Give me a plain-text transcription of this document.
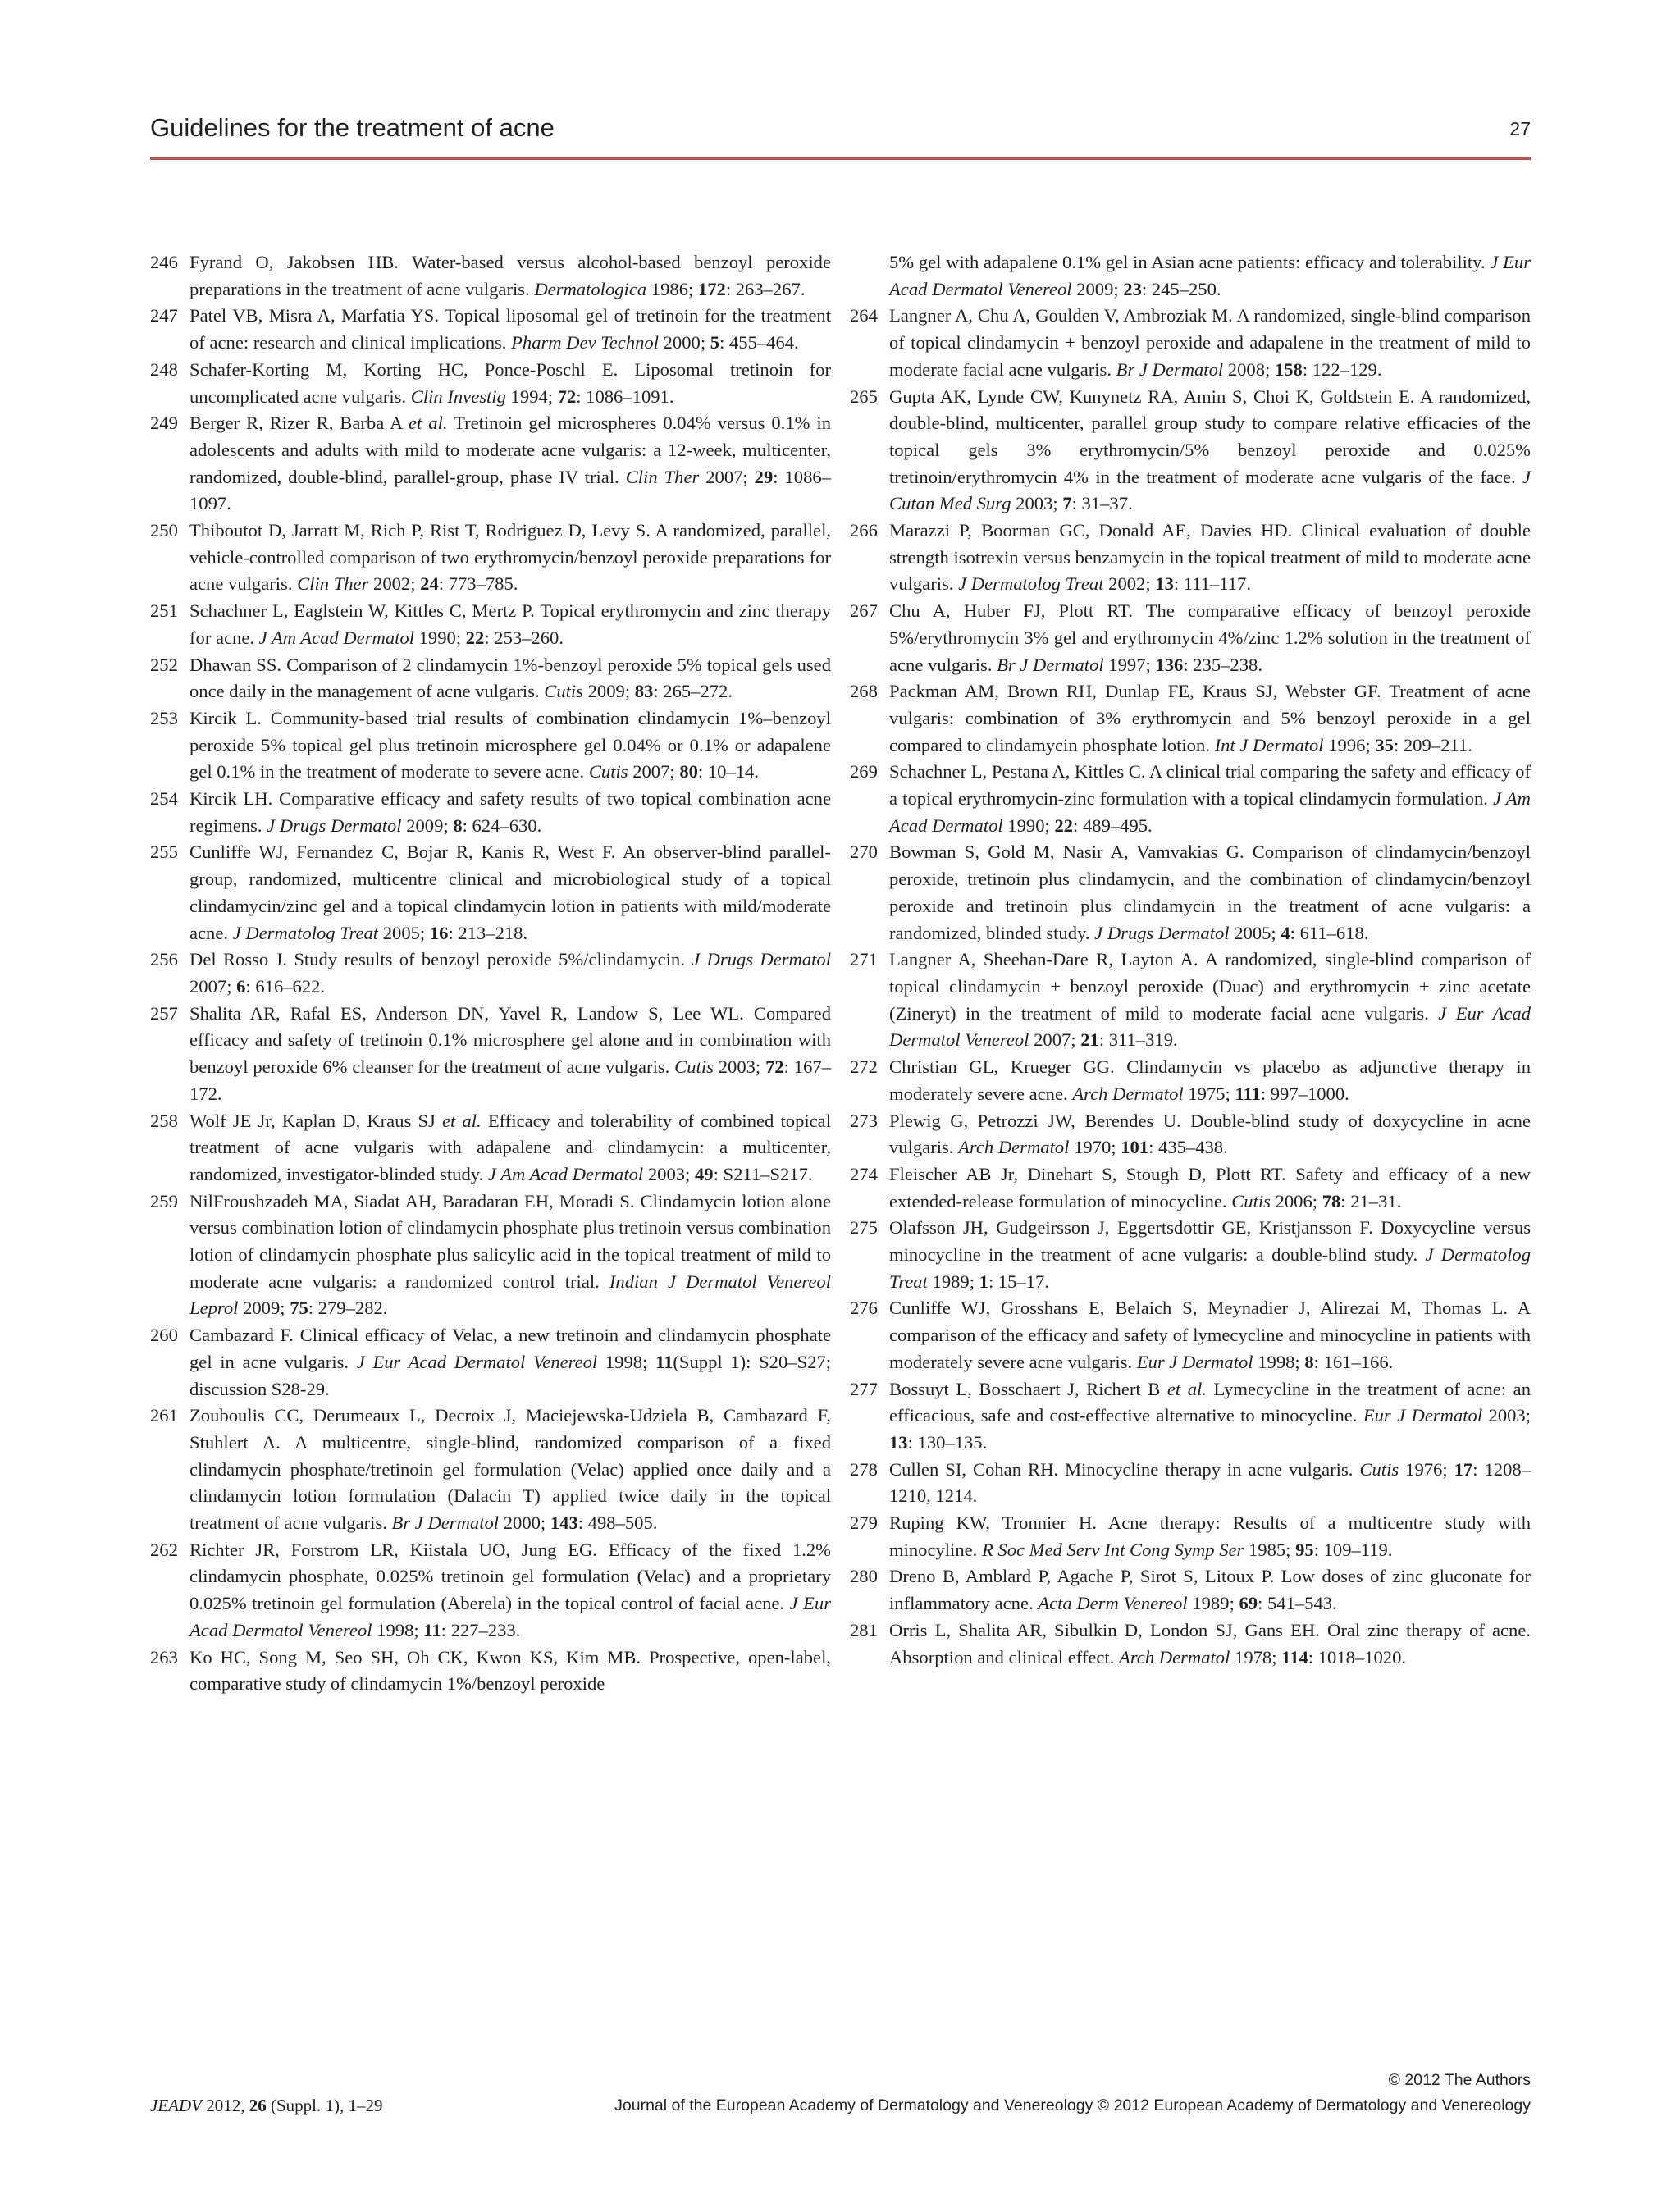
Guidelines for the treatment of acne	27

246 Fyrand O, Jakobsen HB. Water-based versus alcohol-based benzoyl peroxide preparations in the treatment of acne vulgaris. Dermatologica 1986; 172: 263–267.

247 Patel VB, Misra A, Marfatia YS. Topical liposomal gel of tretinoin for the treatment of acne: research and clinical implications. Pharm Dev Technol 2000; 5: 455–464.

248 Schafer-Korting M, Korting HC, Ponce-Poschl E. Liposomal tretinoin for uncomplicated acne vulgaris. Clin Investig 1994; 72: 1086–1091.

249 Berger R, Rizer R, Barba A et al. Tretinoin gel microspheres 0.04% versus 0.1% in adolescents and adults with mild to moderate acne vulgaris: a 12-week, multicenter, randomized, double-blind, parallel-group, phase IV trial. Clin Ther 2007; 29: 1086–1097.

250 Thiboutot D, Jarratt M, Rich P, Rist T, Rodriguez D, Levy S. A randomized, parallel, vehicle-controlled comparison of two erythromycin/benzoyl peroxide preparations for acne vulgaris. Clin Ther 2002; 24: 773–785.

251 Schachner L, Eaglstein W, Kittles C, Mertz P. Topical erythromycin and zinc therapy for acne. J Am Acad Dermatol 1990; 22: 253–260.

252 Dhawan SS. Comparison of 2 clindamycin 1%-benzoyl peroxide 5% topical gels used once daily in the management of acne vulgaris. Cutis 2009; 83: 265–272.

253 Kircik L. Community-based trial results of combination clindamycin 1%–benzoyl peroxide 5% topical gel plus tretinoin microsphere gel 0.04% or 0.1% or adapalene gel 0.1% in the treatment of moderate to severe acne. Cutis 2007; 80: 10–14.

254 Kircik LH. Comparative efficacy and safety results of two topical combination acne regimens. J Drugs Dermatol 2009; 8: 624–630.

255 Cunliffe WJ, Fernandez C, Bojar R, Kanis R, West F. An observer-blind parallel-group, randomized, multicentre clinical and microbiological study of a topical clindamycin/zinc gel and a topical clindamycin lotion in patients with mild/moderate acne. J Dermatolog Treat 2005; 16: 213–218.

256 Del Rosso J. Study results of benzoyl peroxide 5%/clindamycin. J Drugs Dermatol 2007; 6: 616–622.

257 Shalita AR, Rafal ES, Anderson DN, Yavel R, Landow S, Lee WL. Compared efficacy and safety of tretinoin 0.1% microsphere gel alone and in combination with benzoyl peroxide 6% cleanser for the treatment of acne vulgaris. Cutis 2003; 72: 167–172.

258 Wolf JE Jr, Kaplan D, Kraus SJ et al. Efficacy and tolerability of combined topical treatment of acne vulgaris with adapalene and clindamycin: a multicenter, randomized, investigator-blinded study. J Am Acad Dermatol 2003; 49: S211–S217.

259 NilFroushzadeh MA, Siadat AH, Baradaran EH, Moradi S. Clindamycin lotion alone versus combination lotion of clindamycin phosphate plus tretinoin versus combination lotion of clindamycin phosphate plus salicylic acid in the topical treatment of mild to moderate acne vulgaris: a randomized control trial. Indian J Dermatol Venereol Leprol 2009; 75: 279–282.

260 Cambazard F. Clinical efficacy of Velac, a new tretinoin and clindamycin phosphate gel in acne vulgaris. J Eur Acad Dermatol Venereol 1998; 11(Suppl 1): S20–S27; discussion S28-29.

261 Zouboulis CC, Derumeaux L, Decroix J, Maciejewska-Udziela B, Cambazard F, Stuhlert A. A multicentre, single-blind, randomized comparison of a fixed clindamycin phosphate/tretinoin gel formulation (Velac) applied once daily and a clindamycin lotion formulation (Dalacin T) applied twice daily in the topical treatment of acne vulgaris. Br J Dermatol 2000; 143: 498–505.

262 Richter JR, Forstrom LR, Kiistala UO, Jung EG. Efficacy of the fixed 1.2% clindamycin phosphate, 0.025% tretinoin gel formulation (Velac) and a proprietary 0.025% tretinoin gel formulation (Aberela) in the topical control of facial acne. J Eur Acad Dermatol Venereol 1998; 11: 227–233.

263 Ko HC, Song M, Seo SH, Oh CK, Kwon KS, Kim MB. Prospective, open-label, comparative study of clindamycin 1%/benzoyl peroxide

5% gel with adapalene 0.1% gel in Asian acne patients: efficacy and tolerability. J Eur Acad Dermatol Venereol 2009; 23: 245–250.

264 Langner A, Chu A, Goulden V, Ambroziak M. A randomized, single-blind comparison of topical clindamycin + benzoyl peroxide and adapalene in the treatment of mild to moderate facial acne vulgaris. Br J Dermatol 2008; 158: 122–129.

265 Gupta AK, Lynde CW, Kunynetz RA, Amin S, Choi K, Goldstein E. A randomized, double-blind, multicenter, parallel group study to compare relative efficacies of the topical gels 3% erythromycin/5% benzoyl peroxide and 0.025% tretinoin/erythromycin 4% in the treatment of moderate acne vulgaris of the face. J Cutan Med Surg 2003; 7: 31–37.

266 Marazzi P, Boorman GC, Donald AE, Davies HD. Clinical evaluation of double strength isotrexin versus benzamycin in the topical treatment of mild to moderate acne vulgaris. J Dermatolog Treat 2002; 13: 111–117.

267 Chu A, Huber FJ, Plott RT. The comparative efficacy of benzoyl peroxide 5%/erythromycin 3% gel and erythromycin 4%/zinc 1.2% solution in the treatment of acne vulgaris. Br J Dermatol 1997; 136: 235–238.

268 Packman AM, Brown RH, Dunlap FE, Kraus SJ, Webster GF. Treatment of acne vulgaris: combination of 3% erythromycin and 5% benzoyl peroxide in a gel compared to clindamycin phosphate lotion. Int J Dermatol 1996; 35: 209–211.

269 Schachner L, Pestana A, Kittles C. A clinical trial comparing the safety and efficacy of a topical erythromycin-zinc formulation with a topical clindamycin formulation. J Am Acad Dermatol 1990; 22: 489–495.

270 Bowman S, Gold M, Nasir A, Vamvakias G. Comparison of clindamycin/benzoyl peroxide, tretinoin plus clindamycin, and the combination of clindamycin/benzoyl peroxide and tretinoin plus clindamycin in the treatment of acne vulgaris: a randomized, blinded study. J Drugs Dermatol 2005; 4: 611–618.

271 Langner A, Sheehan-Dare R, Layton A. A randomized, single-blind comparison of topical clindamycin + benzoyl peroxide (Duac) and erythromycin + zinc acetate (Zineryt) in the treatment of mild to moderate facial acne vulgaris. J Eur Acad Dermatol Venereol 2007; 21: 311–319.

272 Christian GL, Krueger GG. Clindamycin vs placebo as adjunctive therapy in moderately severe acne. Arch Dermatol 1975; 111: 997–1000.

273 Plewig G, Petrozzi JW, Berendes U. Double-blind study of doxycycline in acne vulgaris. Arch Dermatol 1970; 101: 435–438.

274 Fleischer AB Jr, Dinehart S, Stough D, Plott RT. Safety and efficacy of a new extended-release formulation of minocycline. Cutis 2006; 78: 21–31.

275 Olafsson JH, Gudgeirsson J, Eggertsdottir GE, Kristjansson F. Doxycycline versus minocycline in the treatment of acne vulgaris: a double-blind study. J Dermatolog Treat 1989; 1: 15–17.

276 Cunliffe WJ, Grosshans E, Belaich S, Meynadier J, Alirezai M, Thomas L. A comparison of the efficacy and safety of lymecycline and minocycline in patients with moderately severe acne vulgaris. Eur J Dermatol 1998; 8: 161–166.

277 Bossuyt L, Bosschaert J, Richert B et al. Lymecycline in the treatment of acne: an efficacious, safe and cost-effective alternative to minocycline. Eur J Dermatol 2003; 13: 130–135.

278 Cullen SI, Cohan RH. Minocycline therapy in acne vulgaris. Cutis 1976; 17: 1208–1210, 1214.

279 Ruping KW, Tronnier H. Acne therapy: Results of a multicentre study with minocyline. R Soc Med Serv Int Cong Symp Ser 1985; 95: 109–119.

280 Dreno B, Amblard P, Agache P, Sirot S, Litoux P. Low doses of zinc gluconate for inflammatory acne. Acta Derm Venereol 1989; 69: 541–543.

281 Orris L, Shalita AR, Sibulkin D, London SJ, Gans EH. Oral zinc therapy of acne. Absorption and clinical effect. Arch Dermatol 1978; 114: 1018–1020.

© 2012 The Authors
JEADV 2012, 26 (Suppl. 1), 1–29	Journal of the European Academy of Dermatology and Venereology © 2012 European Academy of Dermatology and Venereology
